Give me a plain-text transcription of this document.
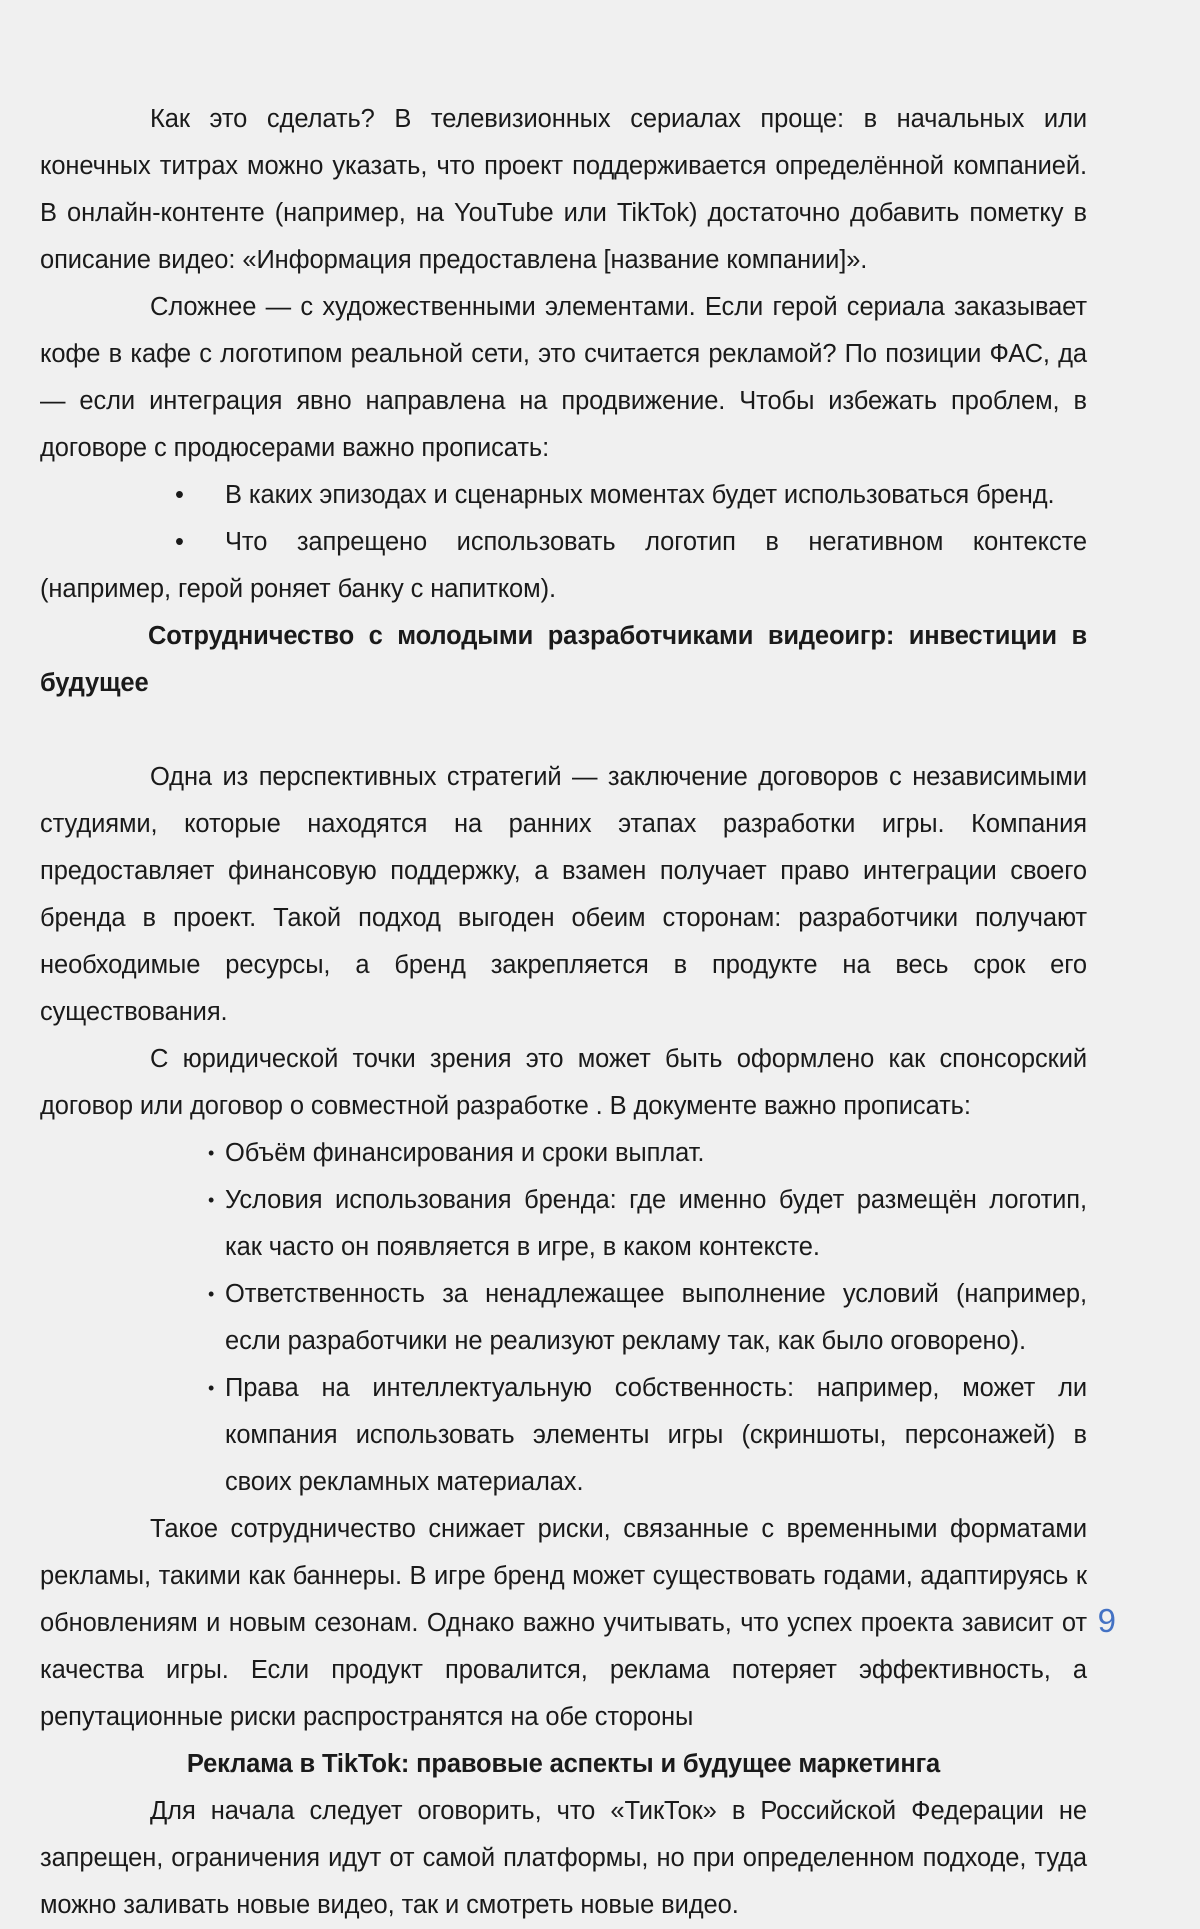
Как это сделать? В телевизионных сериалах проще: в начальных или конечных титрах можно указать, что проект поддерживается определённой компанией. В онлайн-контенте (например, на YouTube или TikTok) достаточно добавить пометку в описание видео: «Информация предоставлена [название компании]».

Сложнее — с художественными элементами. Если герой сериала заказывает кофе в кафе с логотипом реальной сети, это считается рекламой? По позиции ФАС, да — если интеграция явно направлена на продвижение. Чтобы избежать проблем, в договоре с продюсерами важно прописать:

• В каких эпизодах и сценарных моментах будет использоваться бренд.
• Что запрещено использовать логотип в негативном контексте (например, герой роняет банку с напитком).
Сотрудничество с молодыми разработчиками видеоигр: инвестиции в будущее

Одна из перспективных стратегий — заключение договоров с независимыми студиями, которые находятся на ранних этапах разработки игры. Компания предоставляет финансовую поддержку, а взамен получает право интеграции своего бренда в проект. Такой подход выгоден обеим сторонам: разработчики получают необходимые ресурсы, а бренд закрепляется в продукте на весь срок его существования.

С юридической точки зрения это может быть оформлено как спонсорский договор или договор о совместной разработке . В документе важно прописать:

• Объём финансирования и сроки выплат.
• Условия использования бренда: где именно будет размещён логотип, как часто он появляется в игре, в каком контексте.
• Ответственность за ненадлежащее выполнение условий (например, если разработчики не реализуют рекламу так, как было оговорено).
• Права на интеллектуальную собственность: например, может ли компания использовать элементы игры (скриншоты, персонажей) в своих рекламных материалах.

Такое сотрудничество снижает риски, связанные с временными форматами рекламы, такими как баннеры. В игре бренд может существовать годами, адаптируясь к обновлениям и новым сезонам. Однако важно учитывать, что успех проекта зависит от качества игры. Если продукт провалится, реклама потеряет эффективность, а репутационные риски распространятся на обе стороны

Реклама в TikTok: правовые аспекты и будущее маркетинга

Для начала следует оговорить, что «ТикТок» в Российской Федерации не запрещен, ограничения идут от самой платформы, но при определенном подходе, туда можно заливать новые видео, так и смотреть новые видео.

9
